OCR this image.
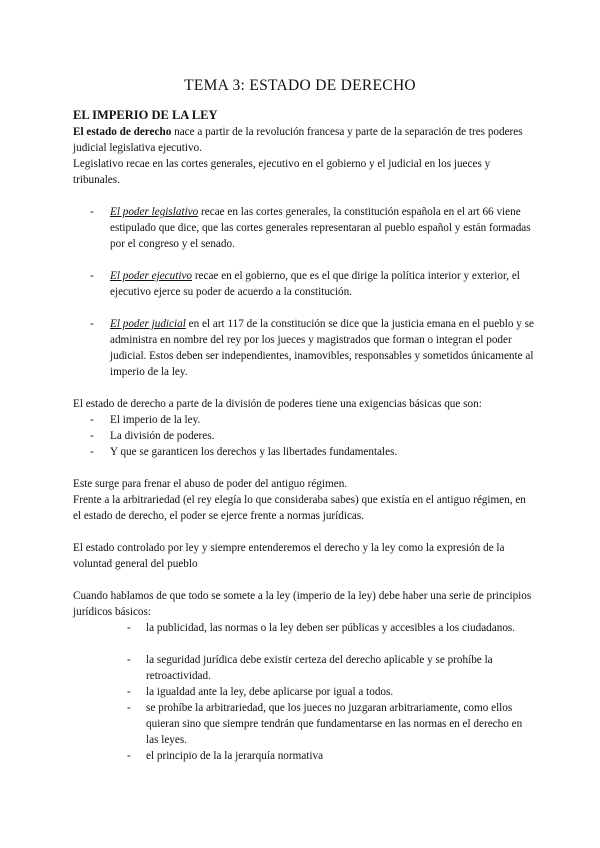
TEMA 3: ESTADO DE DERECHO
EL IMPERIO DE LA LEY
El estado de derecho nace a partir de la revolución francesa y parte de la separación de tres poderes judicial legislativa ejecutivo.
Legislativo recae en las cortes generales, ejecutivo en el gobierno y el judicial en los jueces y tribunales.
- El poder legislativo recae en las cortes generales, la constitución española en el art 66 viene estipulado que dice, que las cortes generales representaran al pueblo español y están formadas por el congreso y el senado.
- El poder ejecutivo recae en el gobierno, que es el que dirige la política interior y exterior, el ejecutivo ejerce su poder de acuerdo a la constitución.
- El poder judicial en el art 117 de la constitución se dice que la justicia emana en el pueblo y se administra en nombre del rey por los jueces y magistrados que forman o integran el poder judicial. Estos deben ser independientes, inamovibles, responsables y sometidos únicamente al imperio de la ley.
El estado de derecho a parte de la división de poderes tiene una exigencias básicas que son:
- El imperio de la ley.
- La división de poderes.
- Y que se garanticen los derechos y las libertades fundamentales.
Este surge para frenar el abuso de poder del antiguo régimen.
Frente a la arbitrariedad (el rey elegía lo que consideraba sabes) que existía en el antiguo régimen, en el estado de derecho, el poder se ejerce frente a normas jurídicas.
El estado controlado por ley y siempre entenderemos el derecho y la ley como la expresión de la voluntad general del pueblo
Cuando hablamos de que todo se somete a la ley (imperio de la ley) debe haber una serie de principios jurídicos básicos:
- la publicidad, las normas o la ley deben ser públicas y accesibles a los ciudadanos.
- la seguridad jurídica debe existir certeza del derecho aplicable y se prohíbe la retroactividad.
- la igualdad ante la ley, debe aplicarse por igual a todos.
- se prohíbe la arbitrariedad, que los jueces no juzgaran arbitrariamente, como ellos quieran sino que siempre tendrán que fundamentarse en las normas en el derecho en las leyes.
- el principio de la la jerarquía normativa
